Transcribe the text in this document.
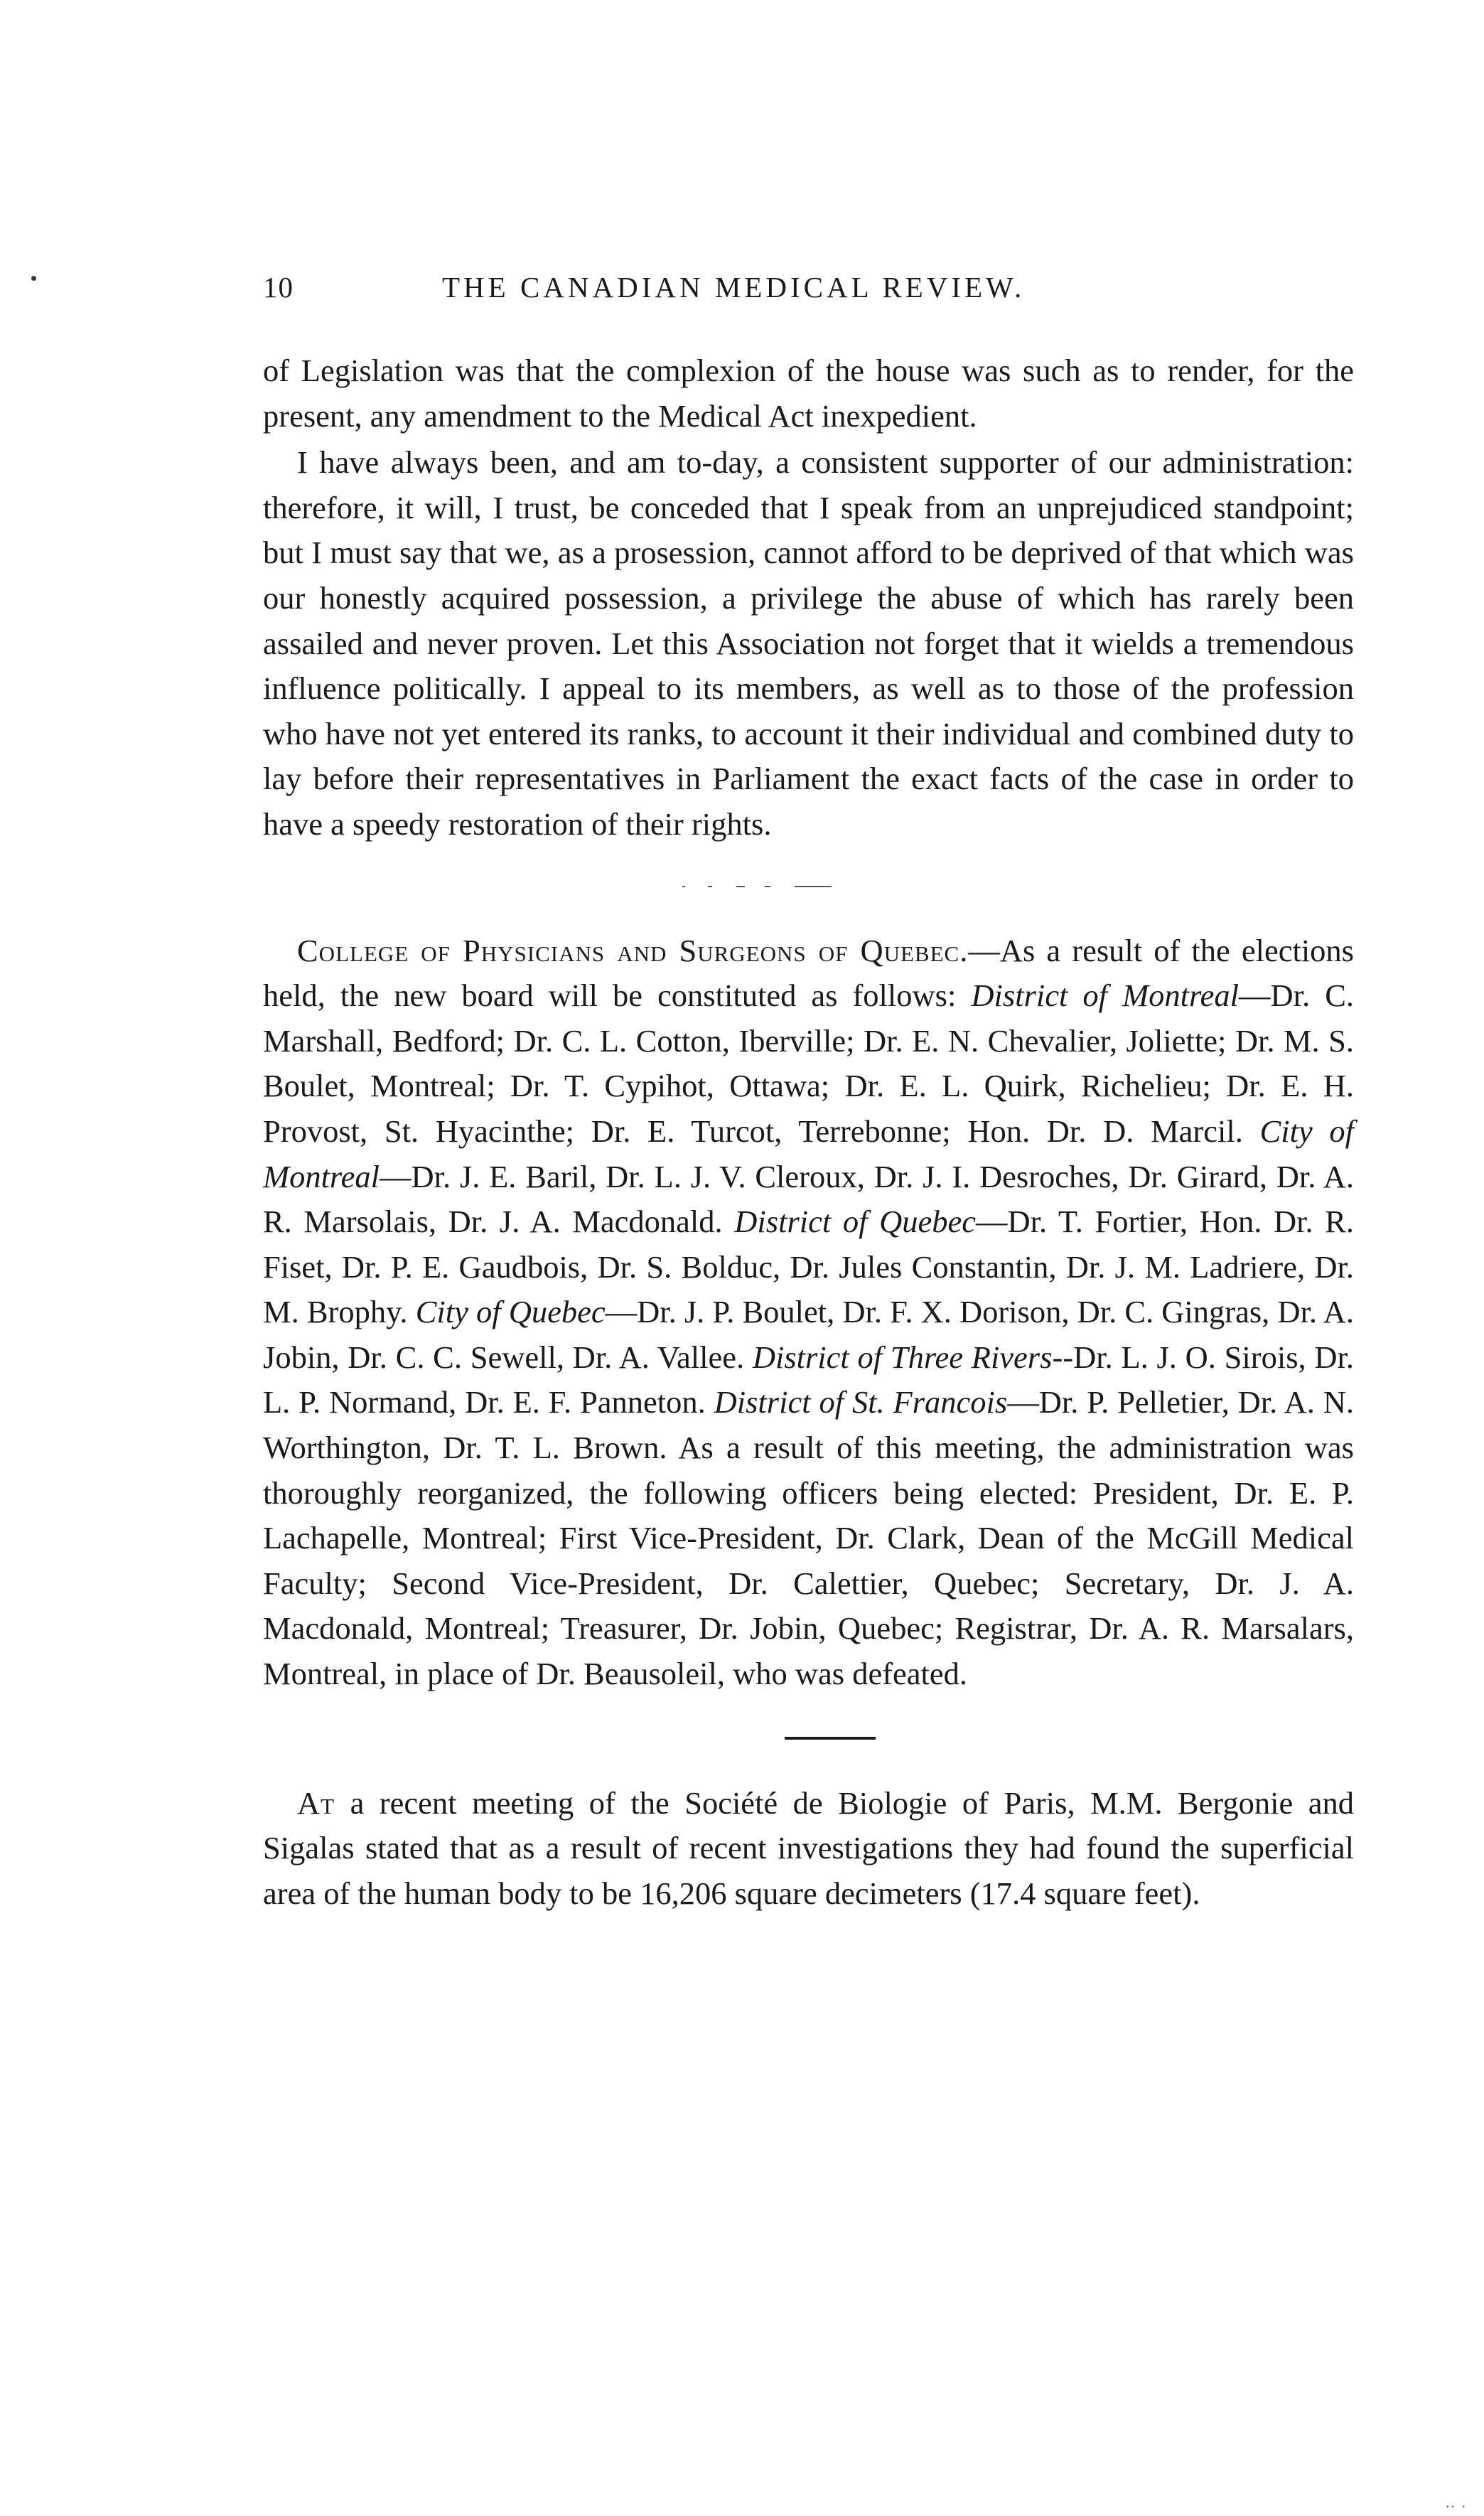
10	THE CANADIAN MEDICAL REVIEW.

of Legislation was that the complexion of the house was such as to render, for the present, any amendment to the Medical Act inexpedient.

I have always been, and am to-day, a consistent supporter of our administration: therefore, it will, I trust, be conceded that I speak from an unprejudiced standpoint; but I must say that we, as a prosession, cannot afford to be deprived of that which was our honestly acquired possession, a privilege the abuse of which has rarely been assailed and never proven. Let this Association not forget that it wields a tremendous influence politically. I appeal to its members, as well as to those of the profession who have not yet entered its ranks, to account it their individual and combined duty to lay before their representatives in Parliament the exact facts of the case in order to have a speedy restoration of their rights.

College of Physicians and Surgeons of Quebec.—As a result of the elections held, the new board will be constituted as follows: District of Montreal—Dr. C. Marshall, Bedford; Dr. C. L. Cotton, Iberville; Dr. E. N. Chevalier, Joliette; Dr. M. S. Boulet, Montreal; Dr. T. Cypihot, Ottawa; Dr. E. L. Quirk, Richelieu; Dr. E. H. Provost, St. Hyacinthe; Dr. E. Turcot, Terrebonne; Hon. Dr. D. Marcil. City of Montreal—Dr. J. E. Baril, Dr. L. J. V. Cleroux, Dr. J. I. Desroches, Dr. Girard, Dr. A. R. Marsolais, Dr. J. A. Macdonald. District of Quebec—Dr. T. Fortier, Hon. Dr. R. Fiset, Dr. P. E. Gaudbois, Dr. S. Bolduc, Dr. Jules Constantin, Dr. J. M. Ladriere, Dr. M. Brophy. City of Quebec—Dr. J. P. Boulet, Dr. F. X. Dorison, Dr. C. Gingras, Dr. A. Jobin, Dr. C. C. Sewell, Dr. A. Vallee. District of Three Rivers--Dr. L. J. O. Sirois, Dr. L. P. Normand, Dr. E. F. Panneton. District of St. Francois—Dr. P. Pelletier, Dr. A. N. Worthington, Dr. T. L. Brown. As a result of this meeting, the administration was thoroughly reorganized, the following officers being elected: President, Dr. E. P. Lachapelle, Montreal; First Vice-President, Dr. Clark, Dean of the McGill Medical Faculty; Second Vice-President, Dr. Calettier, Quebec; Secretary, Dr. J. A. Macdonald, Montreal; Treasurer, Dr. Jobin, Quebec; Registrar, Dr. A. R. Marsalars, Montreal, in place of Dr. Beausoleil, who was defeated.

At a recent meeting of the Société de Biologie of Paris, M.M. Bergonie and Sigalas stated that as a result of recent investigations they had found the superficial area of the human body to be 16,206 square decimeters (17.4 square feet).

.. .
